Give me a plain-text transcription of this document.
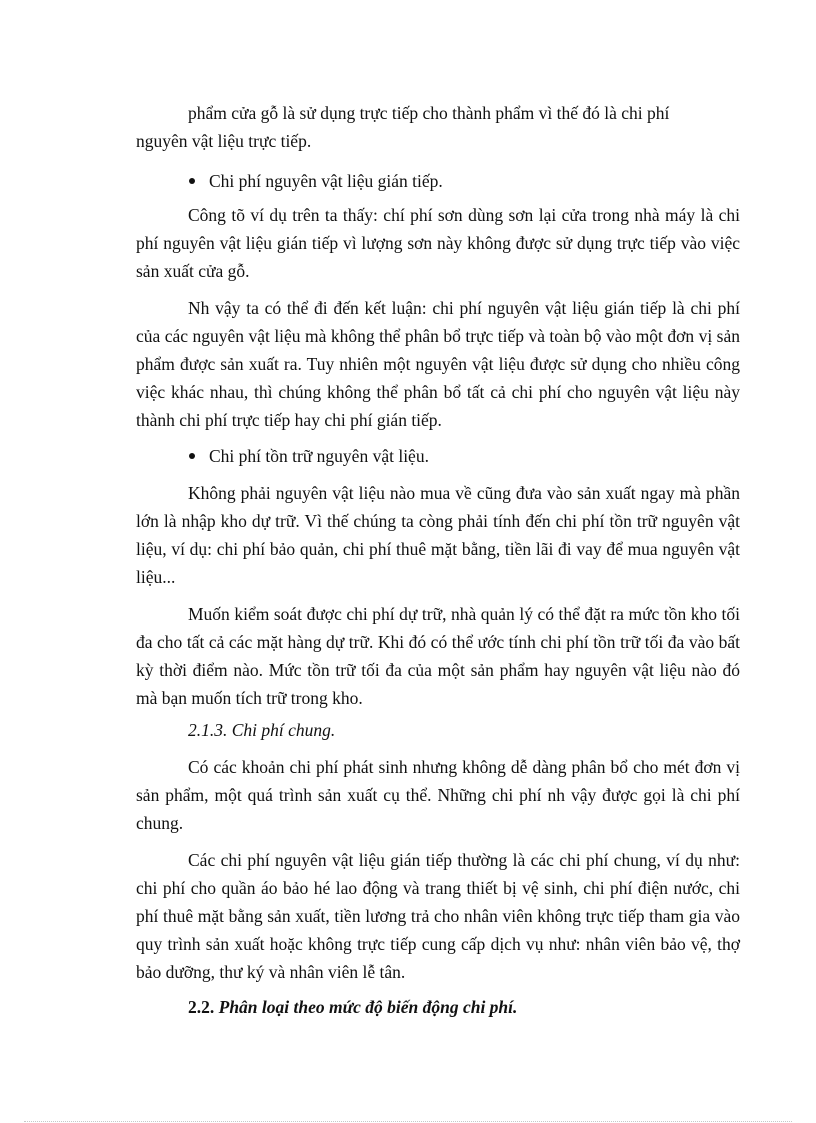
phẩm cửa gỗ là sử dụng trực tiếp cho thành phẩm vì thế đó là chi phí

nguyên vật liệu trực tiếp.

Chi phí nguyên vật liệu gián tiếp.

Công tõ ví dụ trên ta thấy: chí phí sơn dùng sơn lại cửa trong nhà máy là chi phí nguyên vật liệu gián tiếp vì lượng sơn này không được sử dụng trực tiếp vào việc sản xuất cửa gỗ.

Nh vậy ta có thể đi đến kết luận: chi phí nguyên vật liệu gián tiếp là chi phí của các nguyên vật liệu mà không thể phân bổ trực tiếp và toàn bộ vào một đơn vị sản phẩm được sản xuất ra. Tuy nhiên một nguyên vật liệu được sử dụng cho nhiều công việc khác nhau, thì chúng không thể phân bổ tất cả chi phí cho nguyên vật liệu này thành chi phí trực tiếp hay chi phí gián tiếp.

Chi phí tồn trữ nguyên vật liệu.

Không phải nguyên vật liệu nào mua về cũng đưa vào sản xuất ngay mà phần lớn là nhập kho dự trữ. Vì thế chúng ta còng phải tính đến chi phí tồn trữ nguyên vật liệu, ví dụ: chi phí bảo quản, chi phí thuê mặt bằng, tiền lãi đi vay để mua nguyên vật liệu...

Muốn kiểm soát được chi phí dự trữ, nhà quản lý có thể đặt ra mức tồn kho tối đa cho tất cả các mặt hàng dự trữ. Khi đó có thể ước tính chi phí tồn trữ tối đa vào bất kỳ thời điểm nào. Mức tồn trữ tối đa của một sản phẩm hay nguyên vật liệu nào đó mà bạn muốn tích trữ trong kho.

2.1.3. Chi phí chung.

Có các khoản chi phí phát sinh nhưng không dễ dàng phân bổ cho mét đơn vị sản phẩm, một quá trình sản xuất cụ thể. Những chi phí nh vậy được gọi là chi phí chung.

Các chi phí nguyên vật liệu gián tiếp thường là các chi phí chung, ví dụ như: chi phí cho quần áo bảo hé lao động và trang thiết bị vệ sinh, chi phí điện nước, chi phí thuê mặt bằng sản xuất, tiền lương trả cho nhân viên không trực tiếp tham gia vào quy trình sản xuất hoặc không trực tiếp cung cấp dịch vụ như: nhân viên bảo vệ, thợ bảo dưỡng, thư ký và nhân viên lễ tân.

2.2. Phân loại theo mức độ biến động chi phí.
